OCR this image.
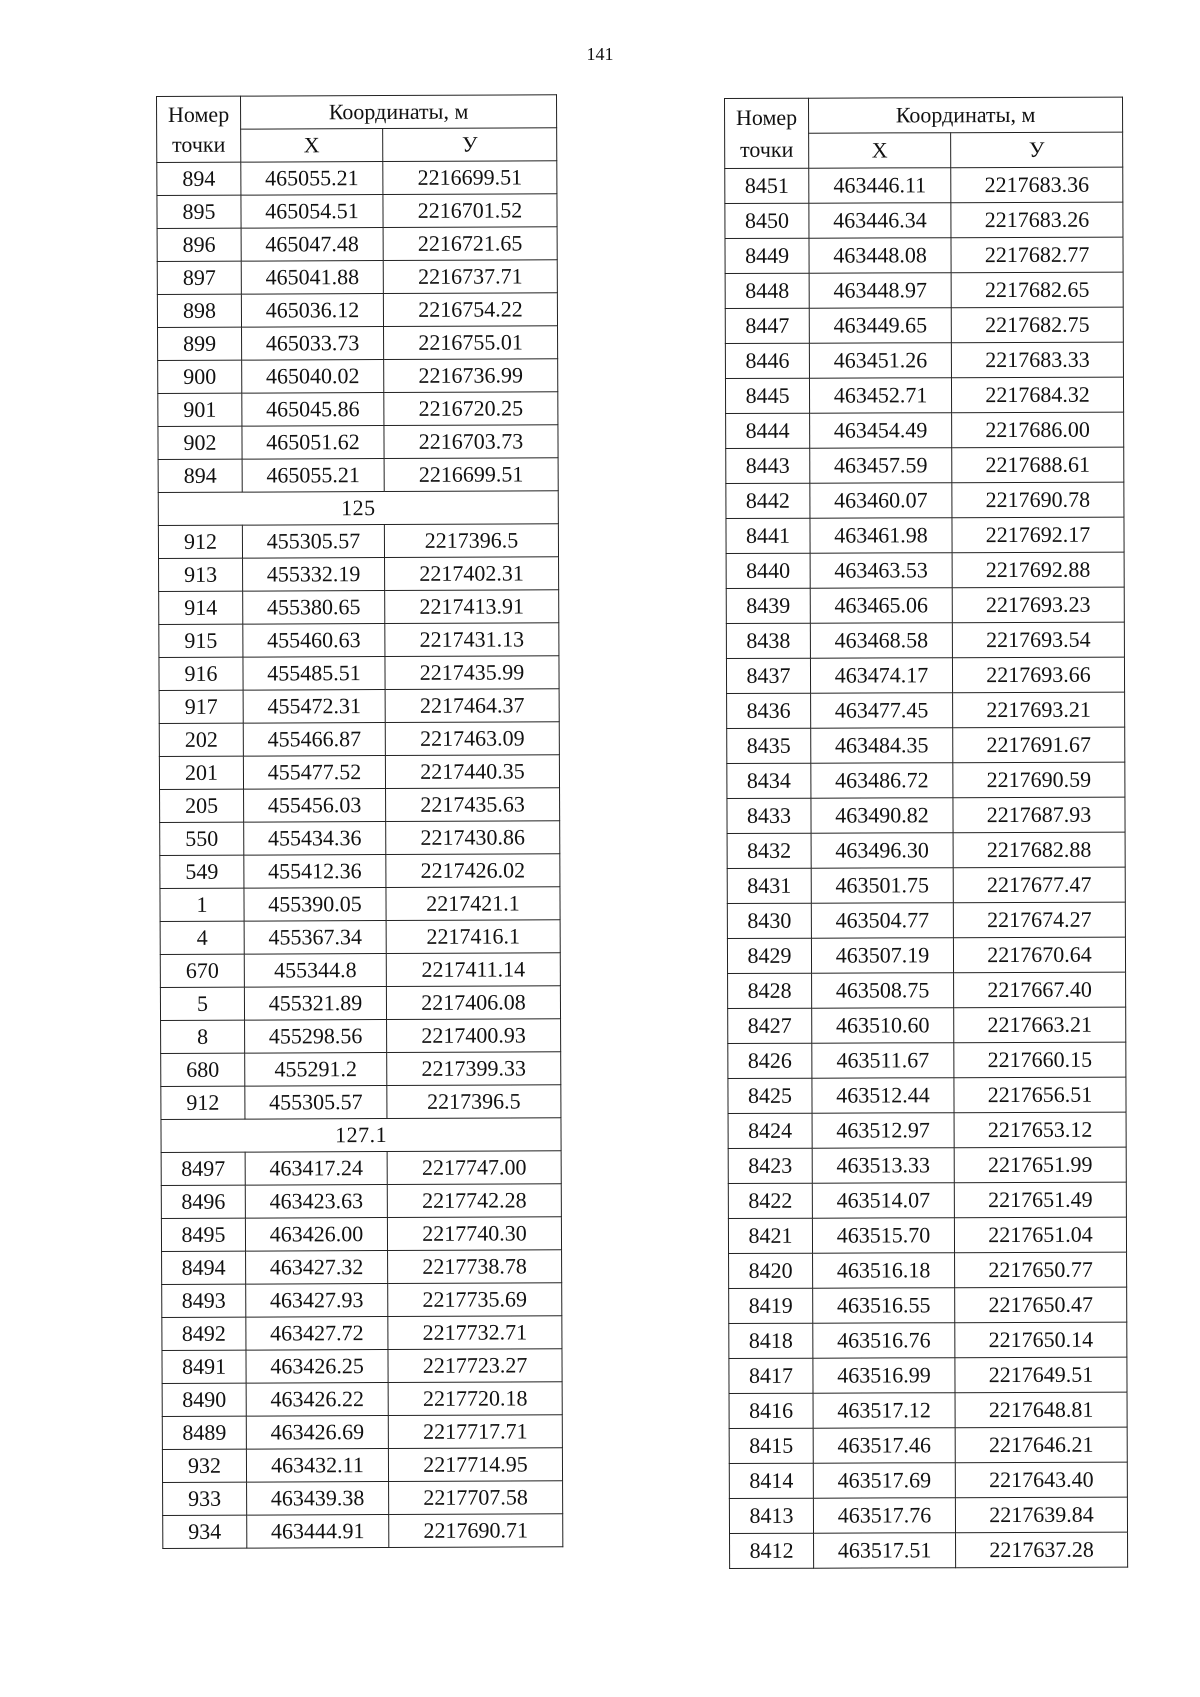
141
Номер
точки	Координаты, м	
	Х	У
894	465055.21	2216699.51
895	465054.51	2216701.52
896	465047.48	2216721.65
897	465041.88	2216737.71
898	465036.12	2216754.22
899	465033.73	2216755.01
900	465040.02	2216736.99
901	465045.86	2216720.25
902	465051.62	2216703.73
894	465055.21	2216699.51
125		
912	455305.57	2217396.5
913	455332.19	2217402.31
914	455380.65	2217413.91
915	455460.63	2217431.13
916	455485.51	2217435.99
917	455472.31	2217464.37
202	455466.87	2217463.09
201	455477.52	2217440.35
205	455456.03	2217435.63
550	455434.36	2217430.86
549	455412.36	2217426.02
1	455390.05	2217421.1
4	455367.34	2217416.1
670	455344.8	2217411.14
5	455321.89	2217406.08
8	455298.56	2217400.93
680	455291.2	2217399.33
912	455305.57	2217396.5
127.1		
8497	463417.24	2217747.00
8496	463423.63	2217742.28
8495	463426.00	2217740.30
8494	463427.32	2217738.78
8493	463427.93	2217735.69
8492	463427.72	2217732.71
8491	463426.25	2217723.27
8490	463426.22	2217720.18
8489	463426.69	2217717.71
932	463432.11	2217714.95
933	463439.38	2217707.58
934	463444.91	2217690.71
Номер
точки	Координаты, м	
	Х	У
8451	463446.11	2217683.36
8450	463446.34	2217683.26
8449	463448.08	2217682.77
8448	463448.97	2217682.65
8447	463449.65	2217682.75
8446	463451.26	2217683.33
8445	463452.71	2217684.32
8444	463454.49	2217686.00
8443	463457.59	2217688.61
8442	463460.07	2217690.78
8441	463461.98	2217692.17
8440	463463.53	2217692.88
8439	463465.06	2217693.23
8438	463468.58	2217693.54
8437	463474.17	2217693.66
8436	463477.45	2217693.21
8435	463484.35	2217691.67
8434	463486.72	2217690.59
8433	463490.82	2217687.93
8432	463496.30	2217682.88
8431	463501.75	2217677.47
8430	463504.77	2217674.27
8429	463507.19	2217670.64
8428	463508.75	2217667.40
8427	463510.60	2217663.21
8426	463511.67	2217660.15
8425	463512.44	2217656.51
8424	463512.97	2217653.12
8423	463513.33	2217651.99
8422	463514.07	2217651.49
8421	463515.70	2217651.04
8420	463516.18	2217650.77
8419	463516.55	2217650.47
8418	463516.76	2217650.14
8417	463516.99	2217649.51
8416	463517.12	2217648.81
8415	463517.46	2217646.21
8414	463517.69	2217643.40
8413	463517.76	2217639.84
8412	463517.51	2217637.28
